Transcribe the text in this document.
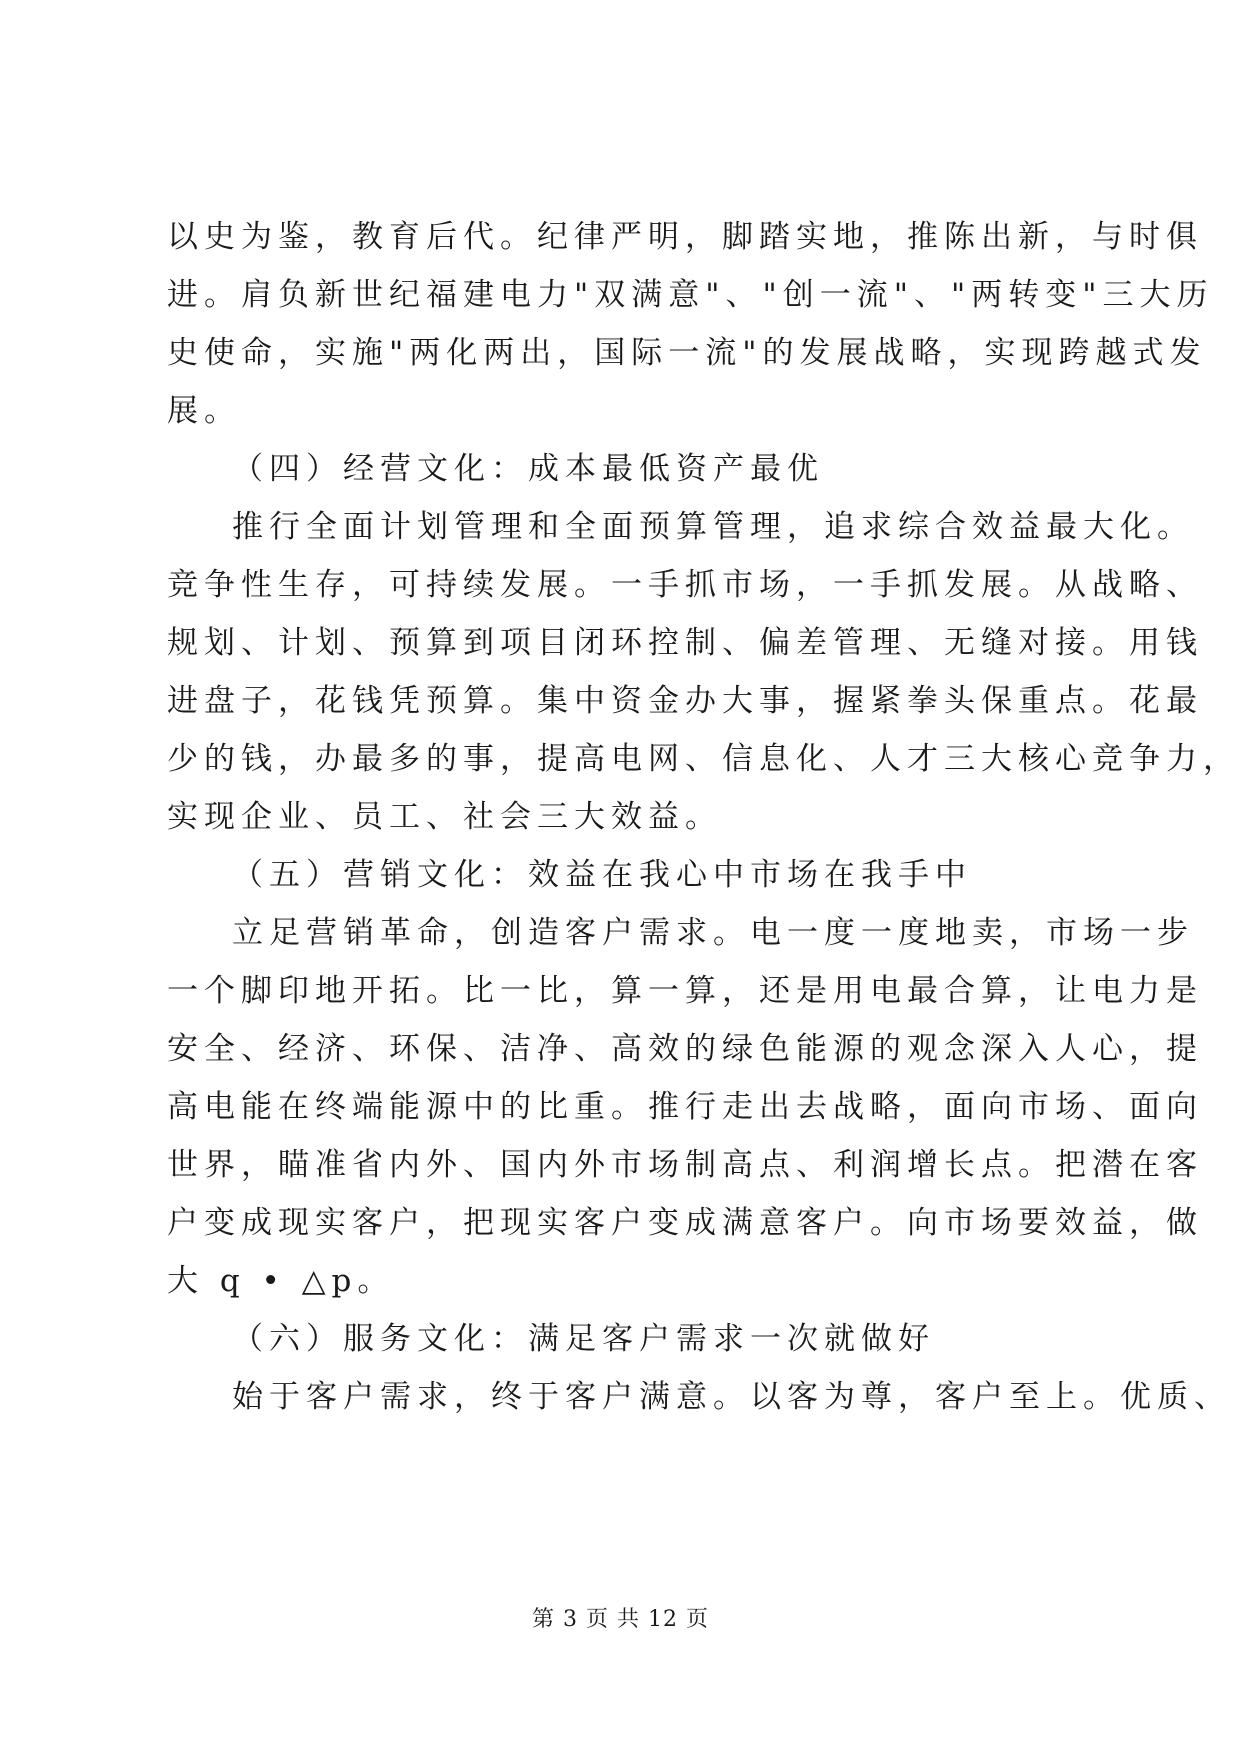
以史为鉴，教育后代。纪律严明，脚踏实地，推陈出新，与时俱
进。肩负新世纪福建电力"双满意"、"创一流"、"两转变"三大历
史使命，实施"两化两出，国际一流"的发展战略，实现跨越式发
展。
（四）经营文化：成本最低资产最优
推行全面计划管理和全面预算管理，追求综合效益最大化。
竞争性生存，可持续发展。一手抓市场，一手抓发展。从战略、
规划、计划、预算到项目闭环控制、偏差管理、无缝对接。用钱
进盘子，花钱凭预算。集中资金办大事，握紧拳头保重点。花最
少的钱，办最多的事，提高电网、信息化、人才三大核心竞争力，
实现企业、员工、社会三大效益。
（五）营销文化：效益在我心中市场在我手中
立足营销革命，创造客户需求。电一度一度地卖，市场一步
一个脚印地开拓。比一比，算一算，还是用电最合算，让电力是
安全、经济、环保、洁净、高效的绿色能源的观念深入人心，提
高电能在终端能源中的比重。推行走出去战略，面向市场、面向
世界，瞄准省内外、国内外市场制高点、利润增长点。把潜在客
户变成现实客户，把现实客户变成满意客户。向市场要效益，做
大 q • △p。
（六）服务文化：满足客户需求一次就做好
始于客户需求，终于客户满意。以客为尊，客户至上。优质、
第 3 页 共 12 页
